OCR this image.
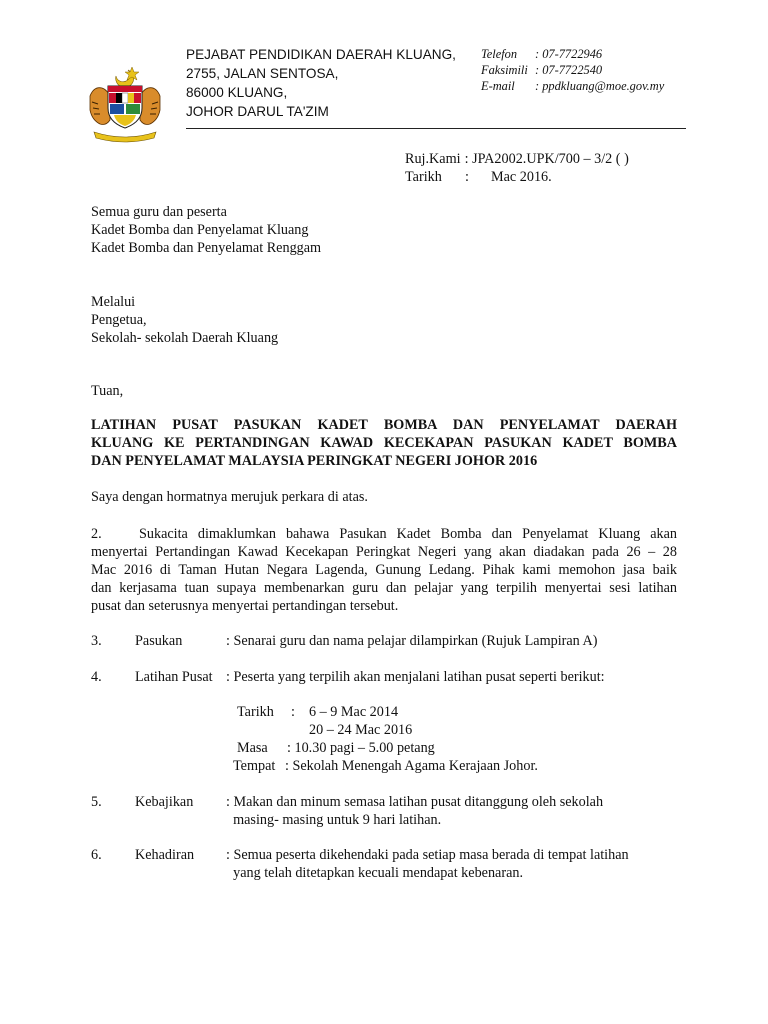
PEJABAT PENDIDIKAN DAERAH KLUANG,
2755, JALAN SENTOSA,
86000 KLUANG,
JOHOR DARUL TA'ZIM
Telefon	: 07-7722946
Faksimili : 07-7722540
E-mail	: ppdkluang@moe.gov.my
Ruj.Kami : JPA2002.UPK/700 – 3/2 ( )
Tarikh	:	Mac 2016.
Semua guru dan peserta
Kadet Bomba dan Penyelamat Kluang
Kadet Bomba dan Penyelamat Renggam
Melalui
Pengetua,
Sekolah- sekolah Daerah Kluang
Tuan,
LATIHAN PUSAT PASUKAN KADET BOMBA DAN PENYELAMAT DAERAH
KLUANG KE PERTANDINGAN KAWAD KECEKAPAN PASUKAN KADET BOMBA
DAN PENYELAMAT MALAYSIA PERINGKAT NEGERI JOHOR 2016
Saya dengan hormatnya merujuk perkara di atas.
2.	Sukacita dimaklumkan bahawa Pasukan Kadet Bomba dan Penyelamat Kluang akan
menyertai Pertandingan Kawad Kecekapan Peringkat Negeri yang akan diadakan pada 26 – 28
Mac 2016 di Taman Hutan Negara Lagenda, Gunung Ledang. Pihak kami memohon jasa baik
dan kerjasama tuan supaya membenarkan guru dan pelajar yang terpilih menyertai sesi latihan
pusat dan seterusnya menyertai pertandingan tersebut.
3.	Pasukan	: Senarai guru dan nama pelajar dilampirkan (Rujuk Lampiran A)
4.	Latihan Pusat : Peserta yang terpilih akan menjalani latihan pusat seperti berikut:
Tarikh	: 6 – 9 Mac 2014
20 – 24 Mac 2016
Masa	: 10.30 pagi – 5.00 petang
Tempat : Sekolah Menengah Agama Kerajaan Johor.
5.	Kebajikan	: Makan dan minum semasa latihan pusat ditanggung oleh sekolah
masing- masing untuk 9 hari latihan.
6.	Kehadiran	: Semua peserta dikehendaki pada setiap masa berada di tempat latihan
yang telah ditetapkan kecuali mendapat kebenaran.
